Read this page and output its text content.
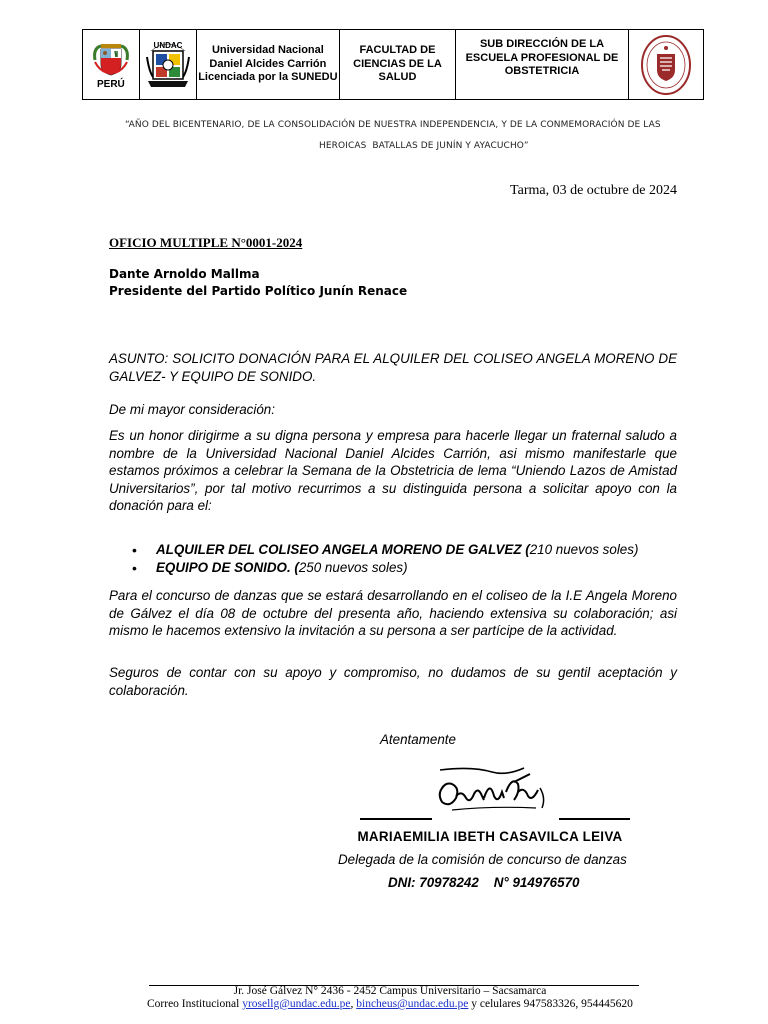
PERÚ
UNDAC	Universidad Nacional Daniel Alcides Carrión Licenciada por la SUNEDU
FACULTAD DE CIENCIAS DE LA SALUD
SUB DIRECCIÓN DE LA ESCUELA PROFESIONAL DE OBSTETRICIA
“AÑO DEL BICENTENARIO, DE LA CONSOLIDACIÓN DE NUESTRA INDEPENDENCIA, Y DE LA CONMEMORACIÓN DE LAS
HEROICAS  BATALLAS DE JUNÍN Y AYACUCHO”
Tarma, 03 de octubre de 2024
OFICIO MULTIPLE N°0001-2024
Dante Arnoldo Mallma
Presidente del Partido Político Junín Renace
ASUNTO: SOLICITO DONACIÓN PARA EL ALQUILER DEL COLISEO ANGELA MORENO DE GALVEZ- Y EQUIPO DE SONIDO.
De mi mayor consideración:
Es un honor dirigirme a su digna persona y empresa para hacerle llegar un fraternal saludo a nombre de la Universidad Nacional Daniel Alcides Carrión, asi mismo manifestarle que estamos próximos a celebrar la Semana de la Obstetricia de lema “Uniendo Lazos de Amistad Universitarios”, por tal motivo recurrimos a su distinguida persona a solicitar apoyo con la donación para el:
•	ALQUILER DEL COLISEO ANGELA MORENO DE GALVEZ (210 nuevos soles)
•	EQUIPO DE SONIDO. (250 nuevos soles)
Para el concurso de danzas que se estará desarrollando en el coliseo de la I.E Angela Moreno de Gálvez el día 08 de octubre del presenta año, haciendo extensiva su colaboración; asi mismo le hacemos extensivo la invitación a su persona a ser partícipe de la actividad.
Seguros de contar con su apoyo y compromiso, no dudamos de su gentil aceptación y colaboración.
Atentamente
MARIAEMILIA IBETH CASAVILCA LEIVA
Delegada de la comisión de concurso de danzas
DNI: 70978242    N° 914976570
Jr. José Gálvez N° 2436 - 2452 Campus Universitario – Sacsamarca
Correo Institucional yrosellg@undac.edu.pe, bincheus@undac.edu.pe y celulares 947583326, 954445620
